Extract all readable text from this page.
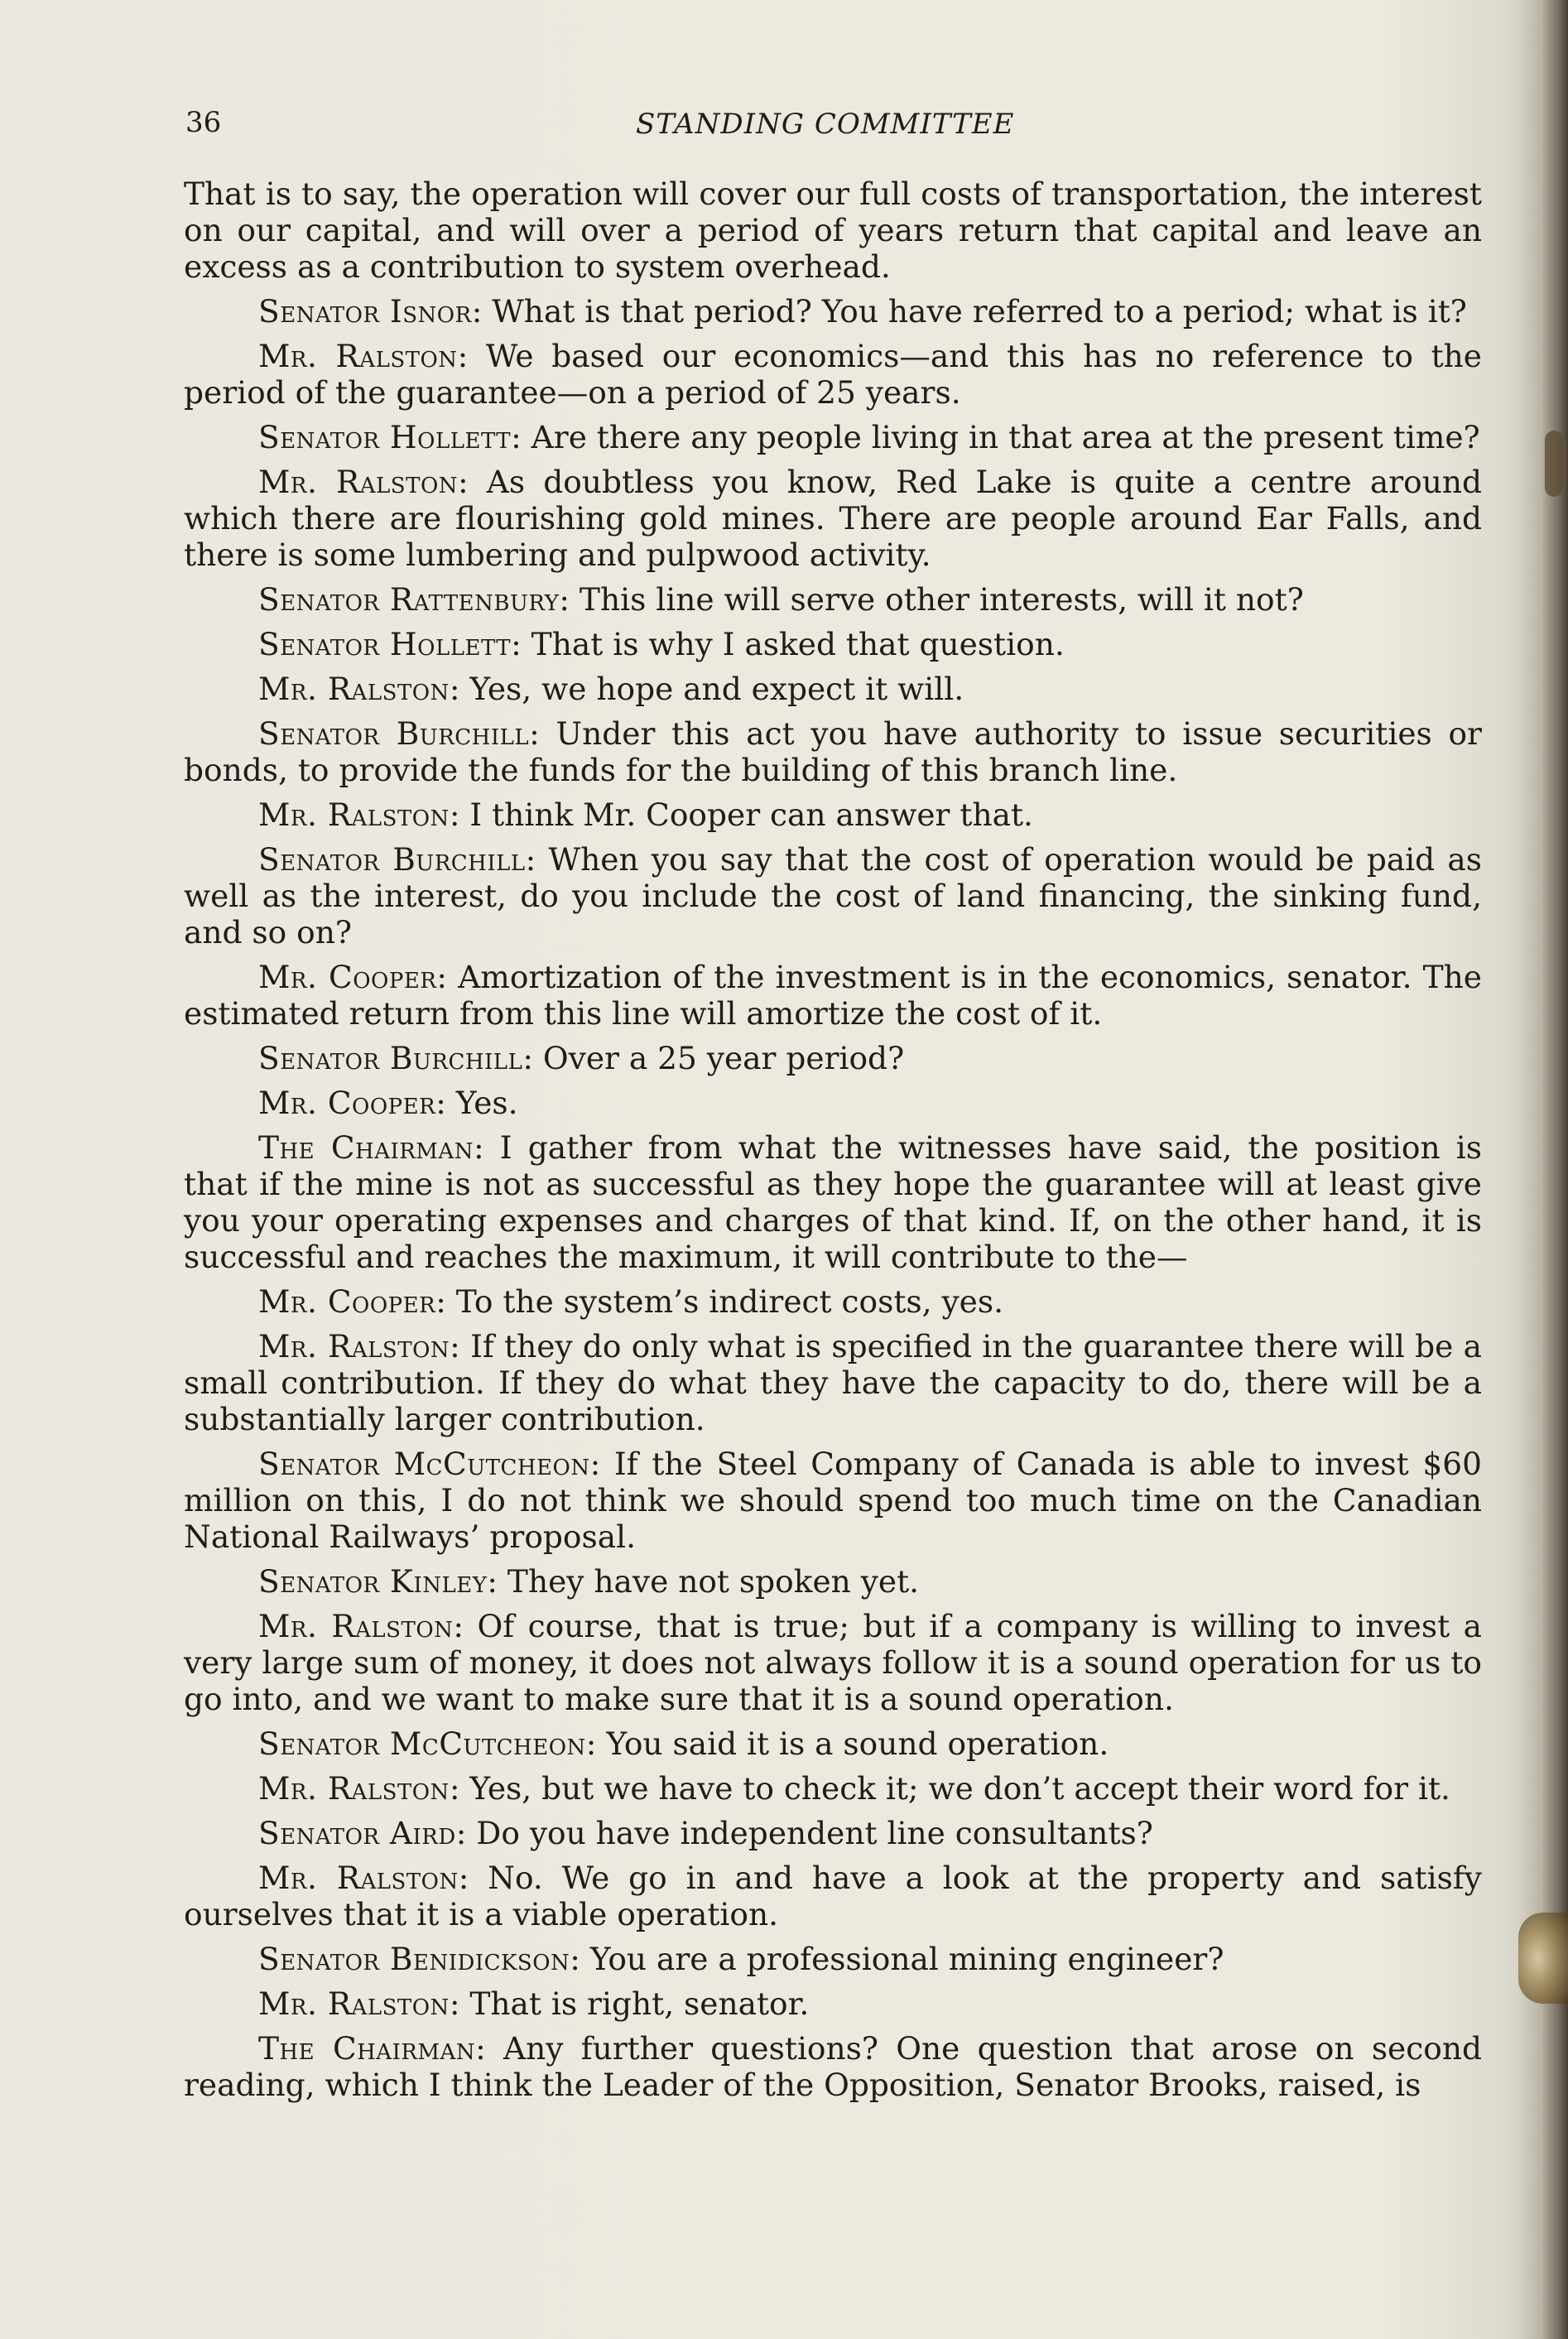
36	STANDING COMMITTEE

That is to say, the operation will cover our full costs of transportation, the interest on our capital, and will over a period of years return that capital and leave an excess as a contribution to system overhead.

Senator Isnor: What is that period? You have referred to a period; what is it?

Mr. Ralston: We based our economics—and this has no reference to the period of the guarantee—on a period of 25 years.

Senator Hollett: Are there any people living in that area at the present time?

Mr. Ralston: As doubtless you know, Red Lake is quite a centre around which there are flourishing gold mines. There are people around Ear Falls, and there is some lumbering and pulpwood activity.

Senator Rattenbury: This line will serve other interests, will it not?

Senator Hollett: That is why I asked that question.

Mr. Ralston: Yes, we hope and expect it will.

Senator Burchill: Under this act you have authority to issue securities or bonds, to provide the funds for the building of this branch line.

Mr. Ralston: I think Mr. Cooper can answer that.

Senator Burchill: When you say that the cost of operation would be paid as well as the interest, do you include the cost of land financing, the sinking fund, and so on?

Mr. Cooper: Amortization of the investment is in the economics, senator. The estimated return from this line will amortize the cost of it.

Senator Burchill: Over a 25 year period?

Mr. Cooper: Yes.

The Chairman: I gather from what the witnesses have said, the position is that if the mine is not as successful as they hope the guarantee will at least give you your operating expenses and charges of that kind. If, on the other hand, it is successful and reaches the maximum, it will contribute to the—

Mr. Cooper: To the system’s indirect costs, yes.

Mr. Ralston: If they do only what is specified in the guarantee there will be a small contribution. If they do what they have the capacity to do, there will be a substantially larger contribution.

Senator McCutcheon: If the Steel Company of Canada is able to invest $60 million on this, I do not think we should spend too much time on the Canadian National Railways’ proposal.

Senator Kinley: They have not spoken yet.

Mr. Ralston: Of course, that is true; but if a company is willing to invest a very large sum of money, it does not always follow it is a sound operation for us to go into, and we want to make sure that it is a sound operation.

Senator McCutcheon: You said it is a sound operation.

Mr. Ralston: Yes, but we have to check it; we don’t accept their word for it.

Senator Aird: Do you have independent line consultants?

Mr. Ralston: No. We go in and have a look at the property and satisfy ourselves that it is a viable operation.

Senator Benidickson: You are a professional mining engineer?

Mr. Ralston: That is right, senator.

The Chairman: Any further questions? One question that arose on second reading, which I think the Leader of the Opposition, Senator Brooks, raised, is
